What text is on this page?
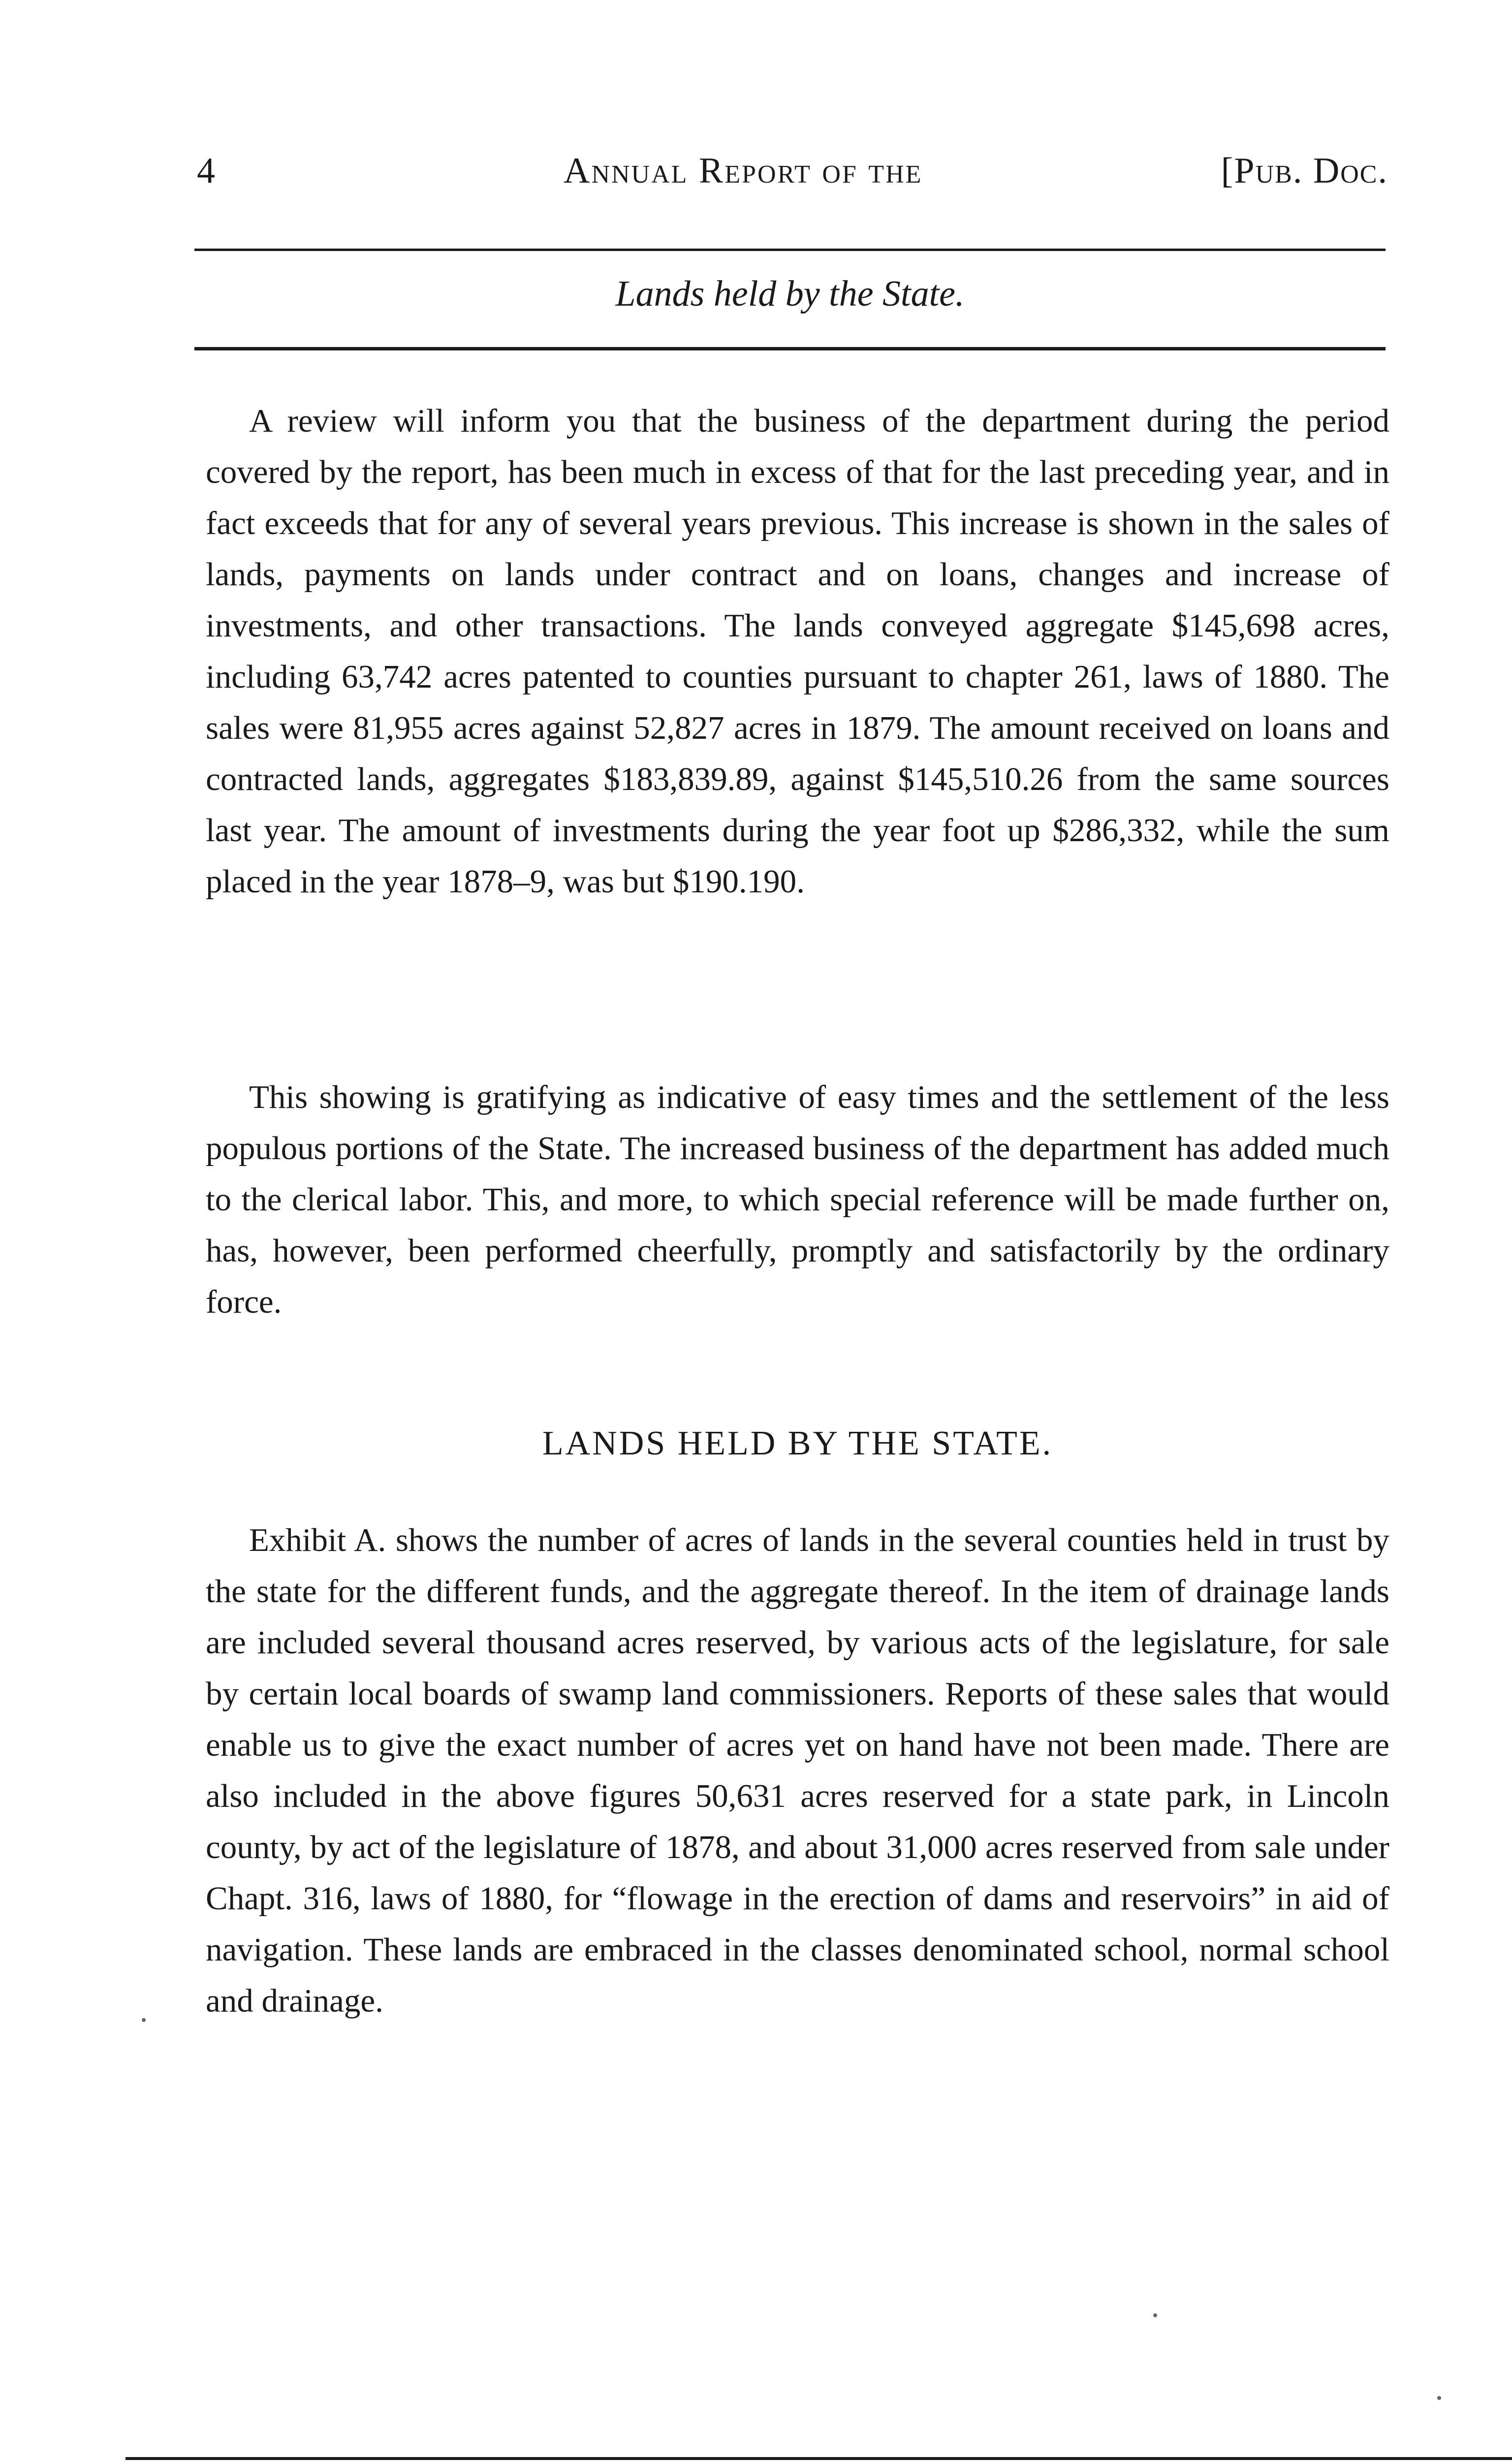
4	Annual Report of the	[Pub. Doc.
Lands held by the State.

A review will inform you that the business of the department during the period covered by the report, has been much in excess of that for the last preceding year, and in fact exceeds that for any of several years previous. This increase is shown in the sales of lands, payments on lands under contract and on loans, changes and increase of investments, and other transactions. The lands conveyed aggregate $145,698 acres, including 63,742 acres patented to counties pursuant to chapter 261, laws of 1880. The sales were 81,955 acres against 52,827 acres in 1879. The amount received on loans and contracted lands, aggregates $183,839.89, against $145,510.26 from the same sources last year. The amount of investments during the year foot up $286,332, while the sum placed in the year 1878–9, was but $190.190.

This showing is gratifying as indicative of easy times and the settlement of the less populous portions of the State. The increased business of the department has added much to the clerical labor. This, and more, to which special reference will be made further on, has, however, been performed cheerfully, promptly and satisfactorily by the ordinary force.

LANDS HELD BY THE STATE.

Exhibit A. shows the number of acres of lands in the several counties held in trust by the state for the different funds, and the aggregate thereof. In the item of drainage lands are included several thousand acres reserved, by various acts of the legislature, for sale by certain local boards of swamp land commissioners. Reports of these sales that would enable us to give the exact number of acres yet on hand have not been made. There are also included in the above figures 50,631 acres reserved for a state park, in Lincoln county, by act of the legislature of 1878, and about 31,000 acres reserved from sale under Chapt. 316, laws of 1880, for “flowage in the erection of dams and reservoirs” in aid of navigation. These lands are embraced in the classes denominated school, normal school and drainage.
